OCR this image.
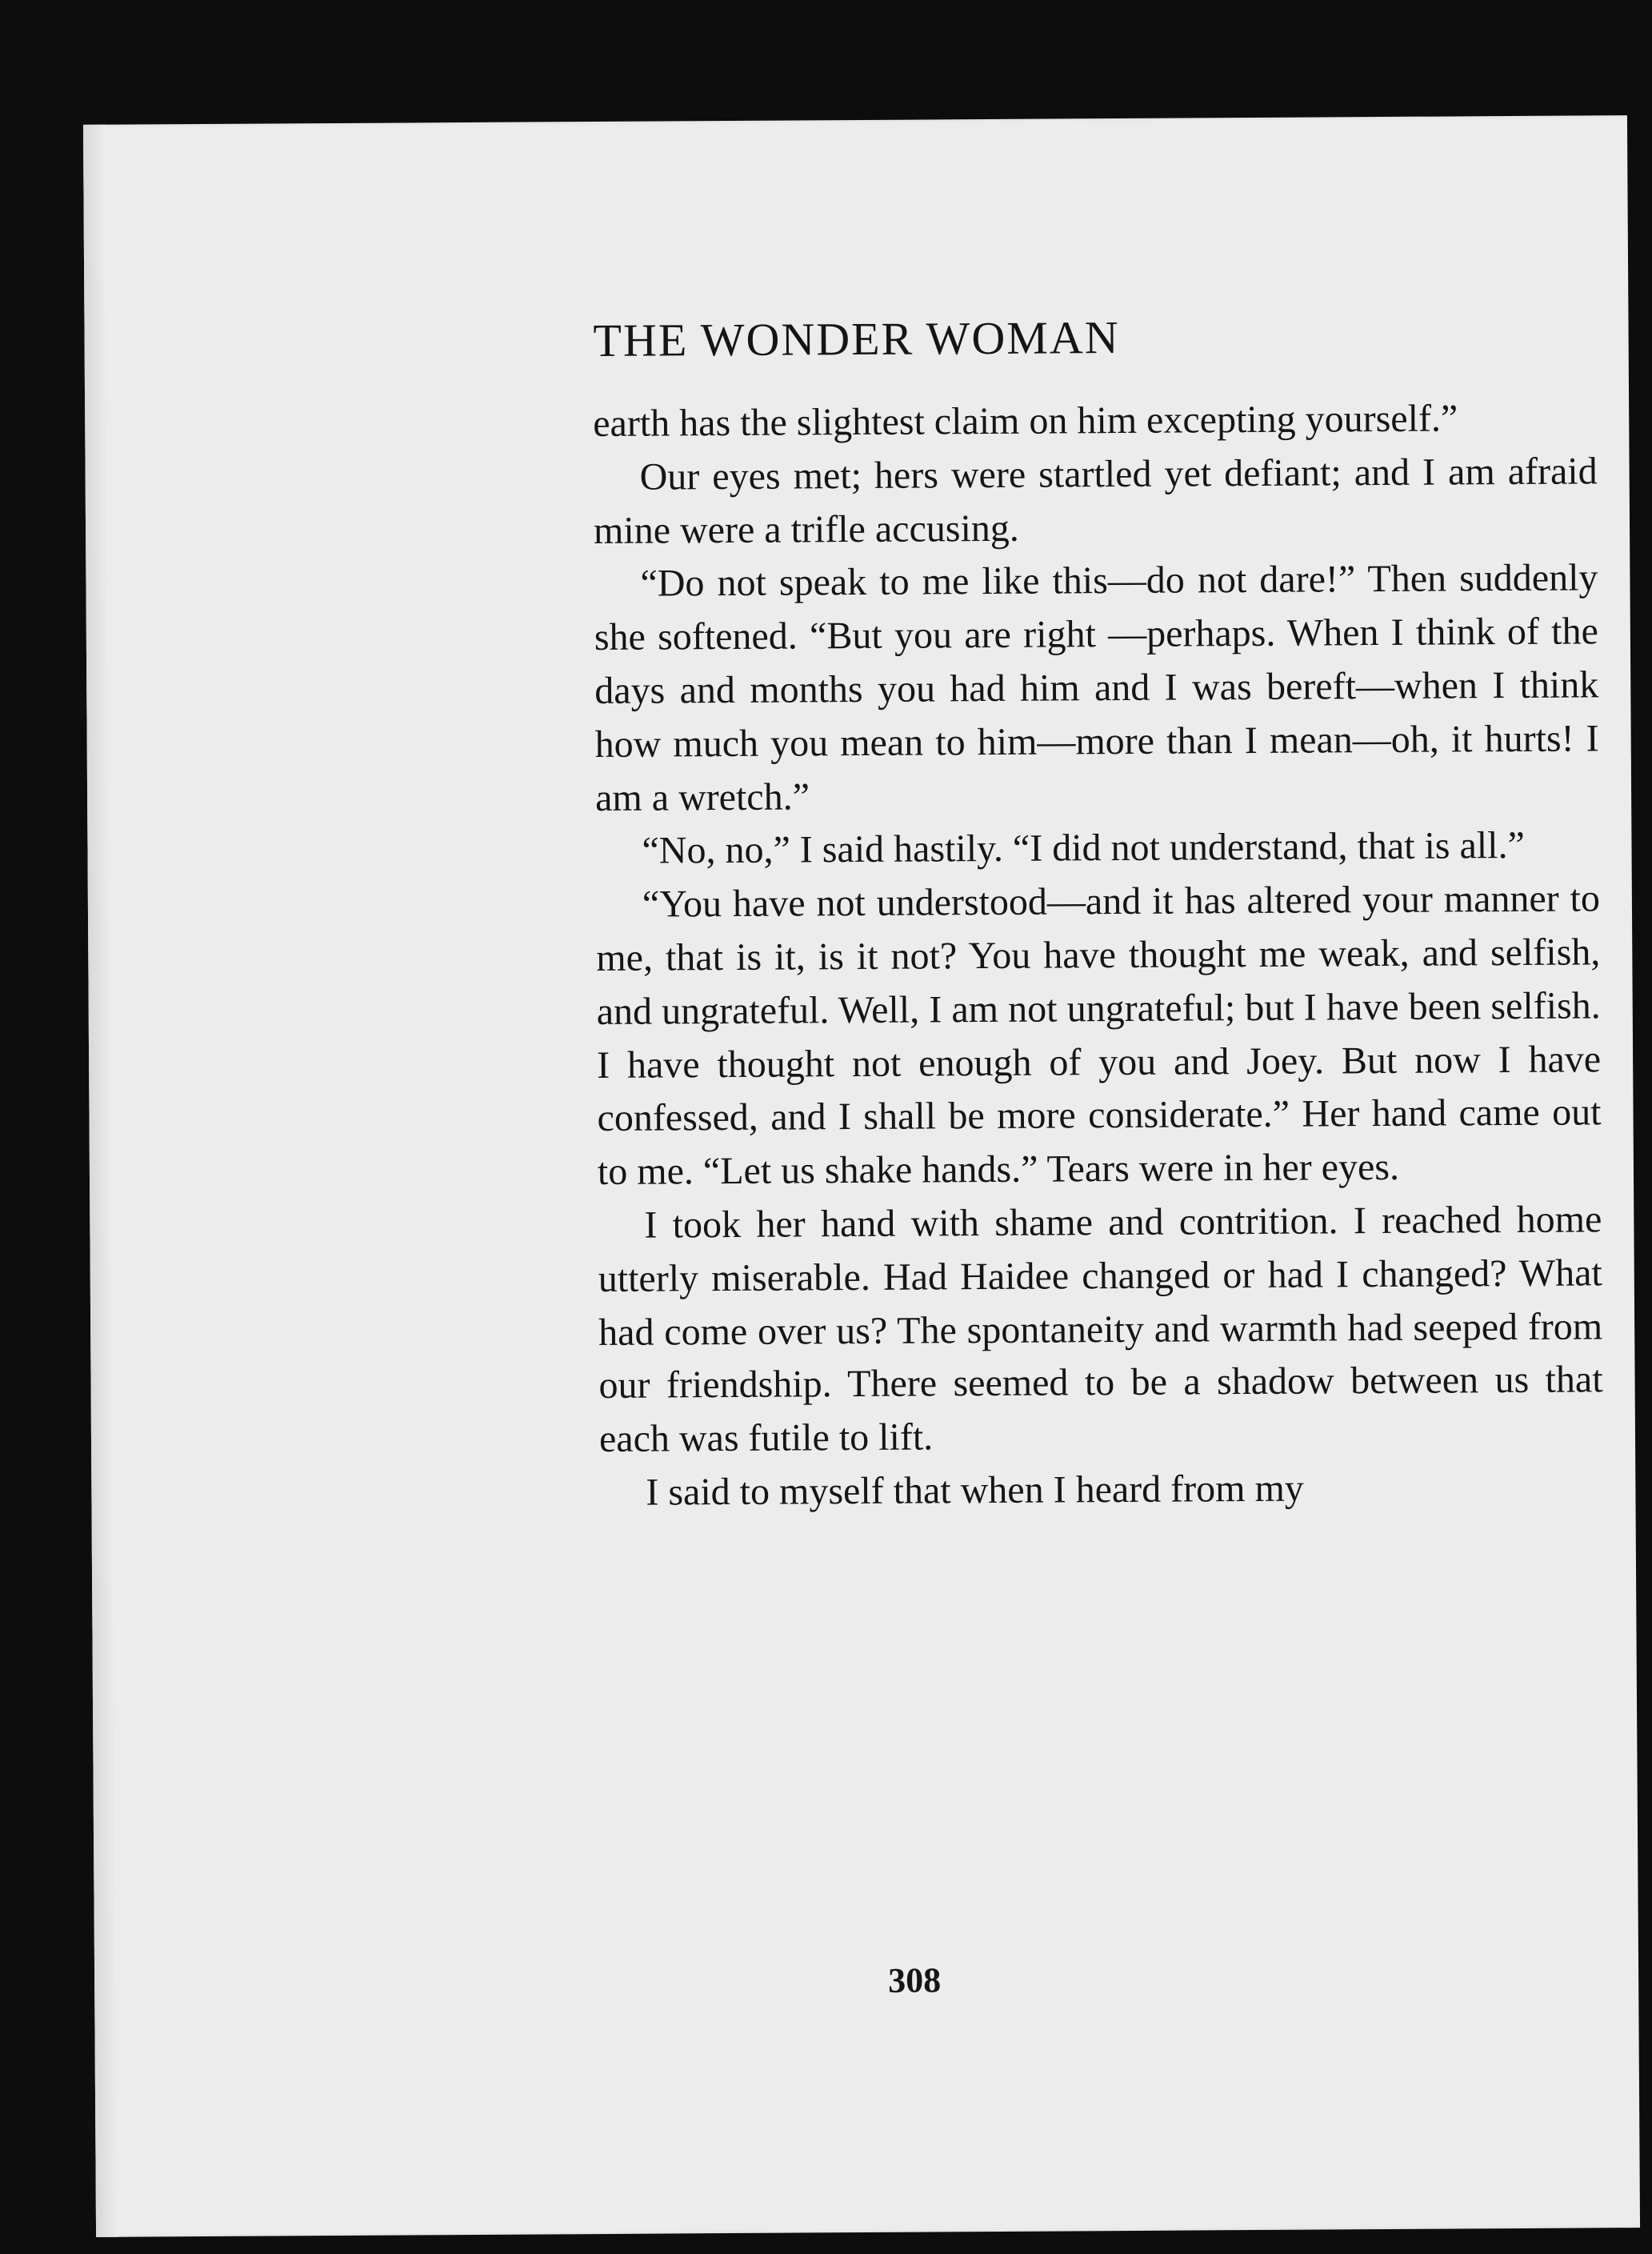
THE WONDER WOMAN

earth has the slightest claim on him excepting yourself.”

Our eyes met; hers were startled yet defiant; and I am afraid mine were a trifle accusing.

“Do not speak to me like this—do not dare!” Then suddenly she softened. “But you are right —perhaps. When I think of the days and months you had him and I was bereft—when I think how much you mean to him—more than I mean—oh, it hurts! I am a wretch.”

“No, no,” I said hastily. “I did not understand, that is all.”

“You have not understood—and it has altered your manner to me, that is it, is it not? You have thought me weak, and selfish, and ungrateful. Well, I am not ungrateful; but I have been selfish. I have thought not enough of you and Joey. But now I have confessed, and I shall be more considerate.” Her hand came out to me. “Let us shake hands.” Tears were in her eyes.

I took her hand with shame and contrition. I reached home utterly miserable. Had Haidee changed or had I changed? What had come over us? The spontaneity and warmth had seeped from our friendship. There seemed to be a shadow between us that each was futile to lift.

I said to myself that when I heard from my

308
